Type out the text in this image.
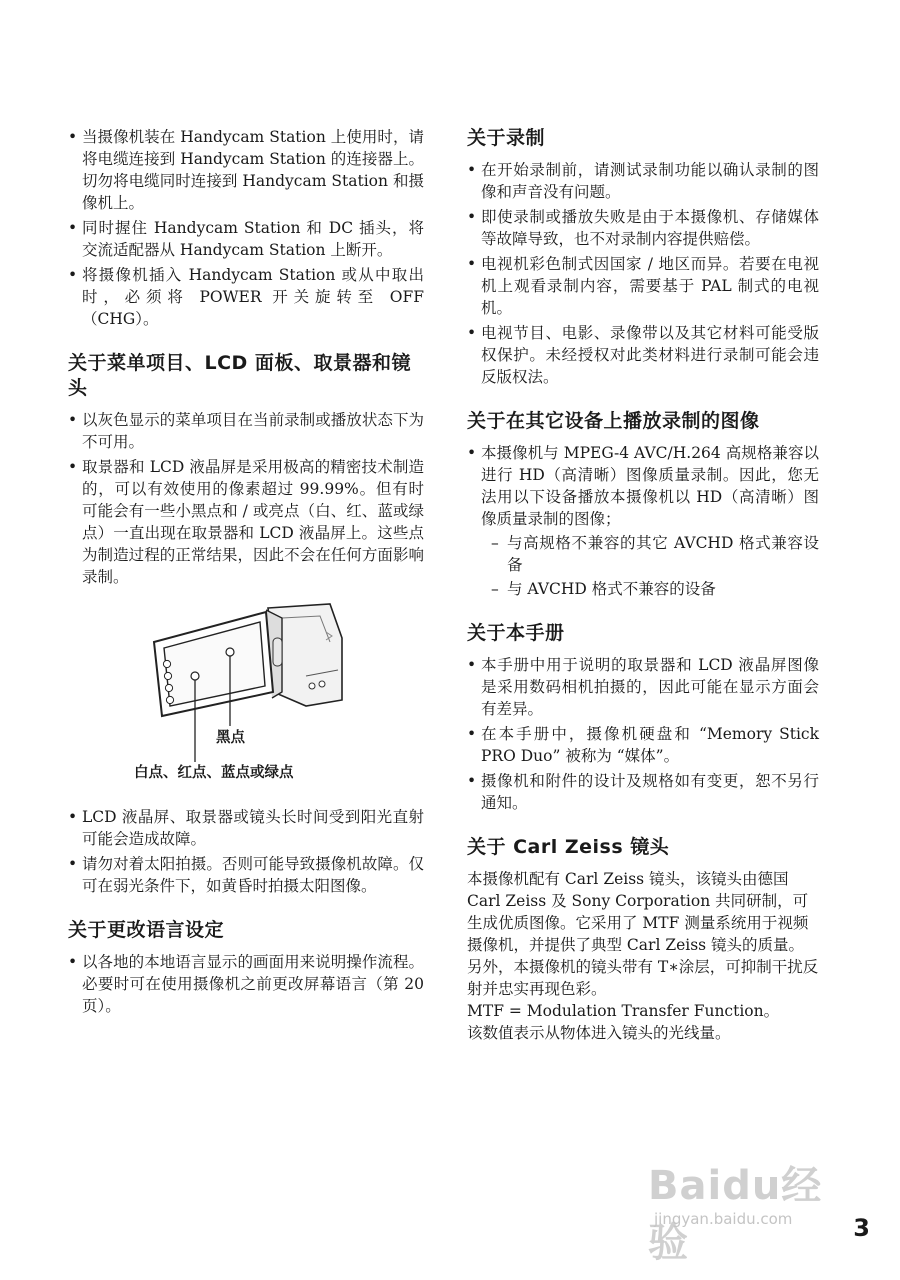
• 当摄像机装在 Handycam Station 上使用时，请将电缆连接到 Handycam Station 的连接器上。切勿将电缆同时连接到 Handycam Station 和摄像机上。
• 同时握住 Handycam Station 和 DC 插头，将交流适配器从 Handycam Station 上断开。
• 将摄像机插入 Handycam Station 或从中取出时，必须将 POWER 开关旋转至 OFF（CHG）。
关于菜单项目、LCD 面板、取景器和镜头
• 以灰色显示的菜单项目在当前录制或播放状态下为不可用。
• 取景器和 LCD 液晶屏是采用极高的精密技术制造的，可以有效使用的像素超过 99.99%。但有时可能会有一些小黑点和 / 或亮点（白、红、蓝或绿点）一直出现在取景器和 LCD 液晶屏上。这些点为制造过程的正常结果，因此不会在任何方面影响录制。
黑点
白点、红点、蓝点或绿点
• LCD 液晶屏、取景器或镜头长时间受到阳光直射可能会造成故障。
• 请勿对着太阳拍摄。否则可能导致摄像机故障。仅可在弱光条件下，如黄昏时拍摄太阳图像。
关于更改语言设定
• 以各地的本地语言显示的画面用来说明操作流程。必要时可在使用摄像机之前更改屏幕语言（第 20 页）。
关于录制
• 在开始录制前，请测试录制功能以确认录制的图像和声音没有问题。
• 即使录制或播放失败是由于本摄像机、存储媒体等故障导致，也不对录制内容提供赔偿。
• 电视机彩色制式因国家 / 地区而异。若要在电视机上观看录制内容，需要基于 PAL 制式的电视机。
• 电视节目、电影、录像带以及其它材料可能受版权保护。未经授权对此类材料进行录制可能会违反版权法。
关于在其它设备上播放录制的图像
• 本摄像机与 MPEG-4 AVC/H.264 高规格兼容以进行 HD（高清晰）图像质量录制。因此，您无法用以下设备播放本摄像机以 HD（高清晰）图像质量录制的图像；
– 与高规格不兼容的其它 AVCHD 格式兼容设备
– 与 AVCHD 格式不兼容的设备
关于本手册
• 本手册中用于说明的取景器和 LCD 液晶屏图像是采用数码相机拍摄的，因此可能在显示方面会有差异。
• 在本手册中，摄像机硬盘和 “Memory Stick PRO Duo” 被称为 “媒体”。
• 摄像机和附件的设计及规格如有变更，恕不另行通知。
关于 Carl Zeiss 镜头

本摄像机配有 Carl Zeiss 镜头，该镜头由德国 Carl Zeiss 及 Sony Corporation 共同研制，可生成优质图像。它采用了 MTF 测量系统用于视频摄像机，并提供了典型 Carl Zeiss 镜头的质量。另外，本摄像机的镜头带有 T∗涂层，可抑制干扰反射并忠实再现色彩。

MTF = Modulation Transfer Function。

该数值表示从物体进入镜头的光线量。

Baidu经验
jingyan.baidu.com	3
